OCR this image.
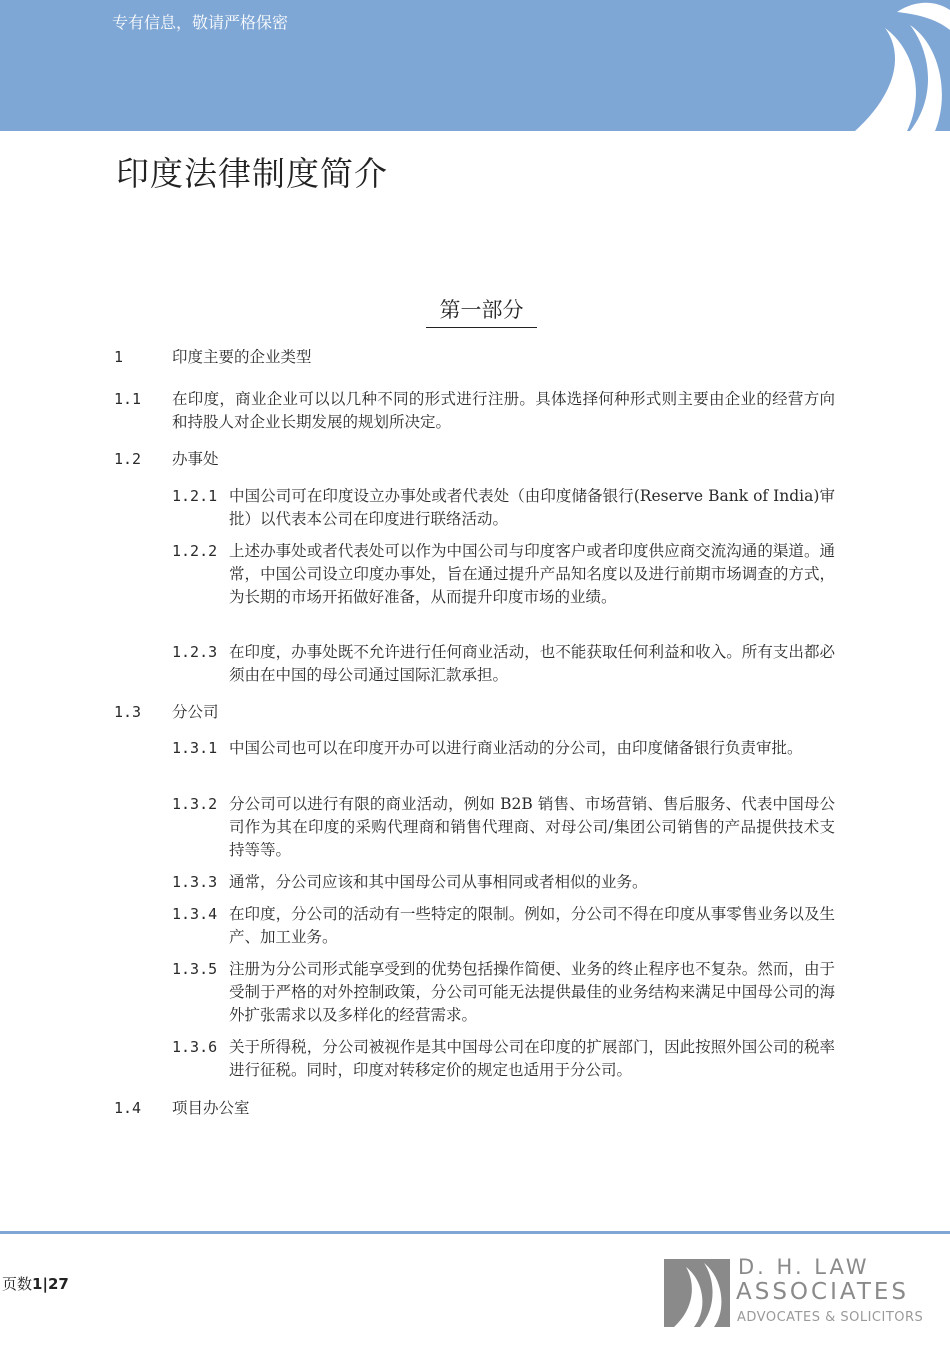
专有信息，敬请严格保密
印度法律制度简介
第一部分
1	印度主要的企业类型
1.1 在印度，商业企业可以以几种不同的形式进行注册。具体选择何种形式则主要由企业的经营方向和持股人对企业长期发展的规划所决定。
1.2 办事处
1.2.1 中国公司可在印度设立办事处或者代表处（由印度储备银行(Reserve Bank of India)审批）以代表本公司在印度进行联络活动。
1.2.2 上述办事处或者代表处可以作为中国公司与印度客户或者印度供应商交流沟通的渠道。通常，中国公司设立印度办事处，旨在通过提升产品知名度以及进行前期市场调查的方式，为长期的市场开拓做好准备，从而提升印度市场的业绩。
1.2.3 在印度，办事处既不允许进行任何商业活动，也不能获取任何利益和收入。所有支出都必须由在中国的母公司通过国际汇款承担。
1.3 分公司
1.3.1 中国公司也可以在印度开办可以进行商业活动的分公司，由印度储备银行负责审批。
1.3.2 分公司可以进行有限的商业活动，例如 B2B 销售、市场营销、售后服务、代表中国母公司作为其在印度的采购代理商和销售代理商、对母公司/集团公司销售的产品提供技术支持等等。
1.3.3 通常，分公司应该和其中国母公司从事相同或者相似的业务。
1.3.4 在印度，分公司的活动有一些特定的限制。例如，分公司不得在印度从事零售业务以及生产、加工业务。
1.3.5 注册为分公司形式能享受到的优势包括操作简便、业务的终止程序也不复杂。然而，由于受制于严格的对外控制政策，分公司可能无法提供最佳的业务结构来满足中国母公司的海外扩张需求以及多样化的经营需求。
1.3.6 关于所得税，分公司被视作是其中国母公司在印度的扩展部门，因此按照外国公司的税率进行征税。同时，印度对转移定价的规定也适用于分公司。
1.4 项目办公室
页数1|27
D. H. LAW
ASSOCIATES
ADVOCATES & SOLICITORS
